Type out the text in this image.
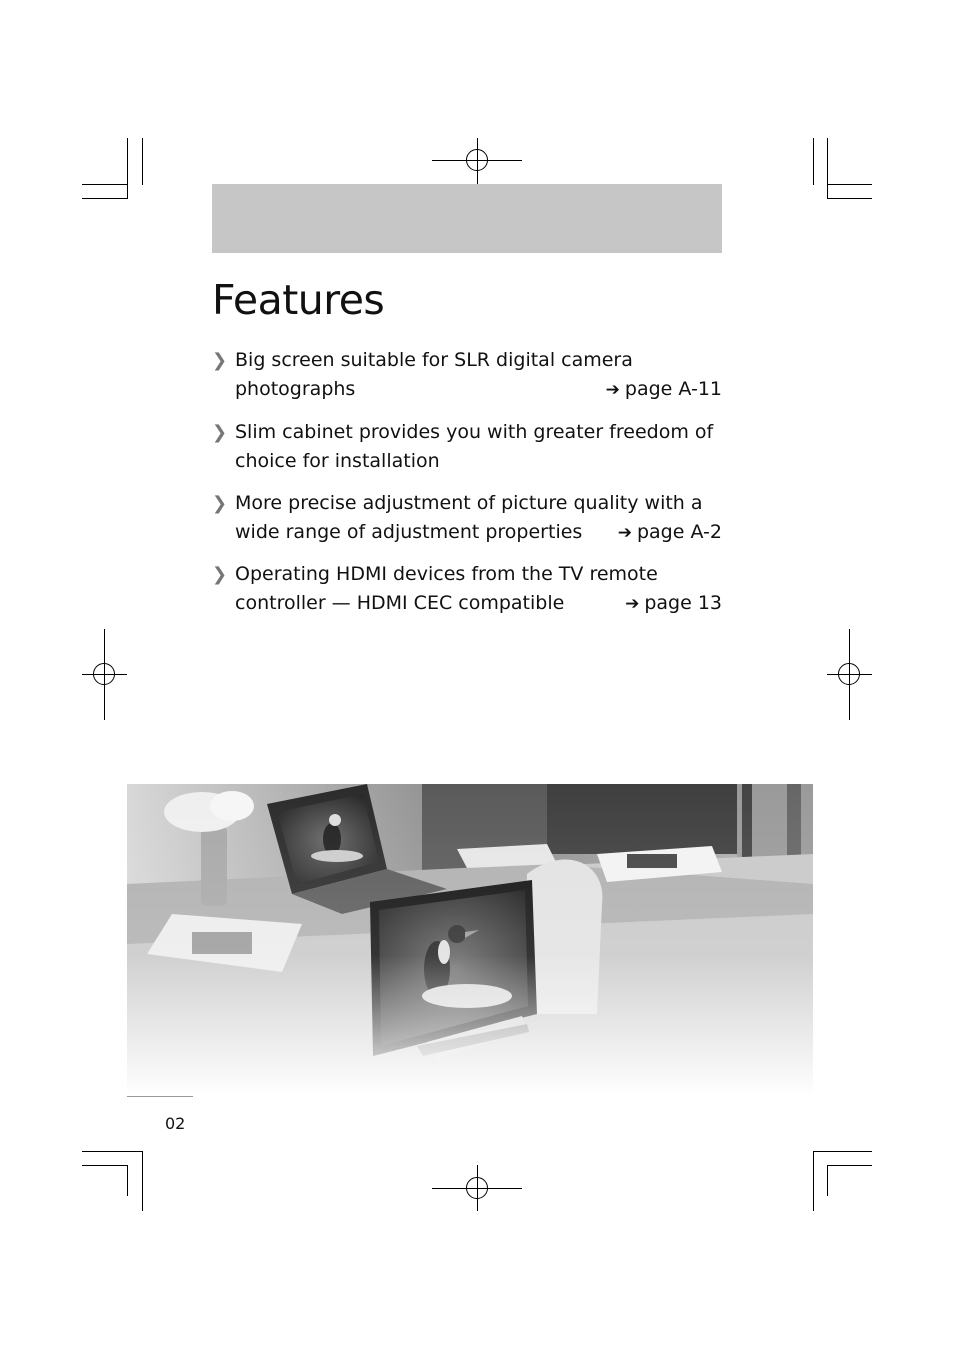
Features
❯ Big screen suitable for SLR digital camera
photographs	➔ page A-11
❯ Slim cabinet provides you with greater freedom of
choice for installation
❯ More precise adjustment of picture quality with a
wide range of adjustment properties ➔ page A-2
❯ Operating HDMI devices from the TV remote
controller — HDMI CEC compatible	➔ page 13
02
